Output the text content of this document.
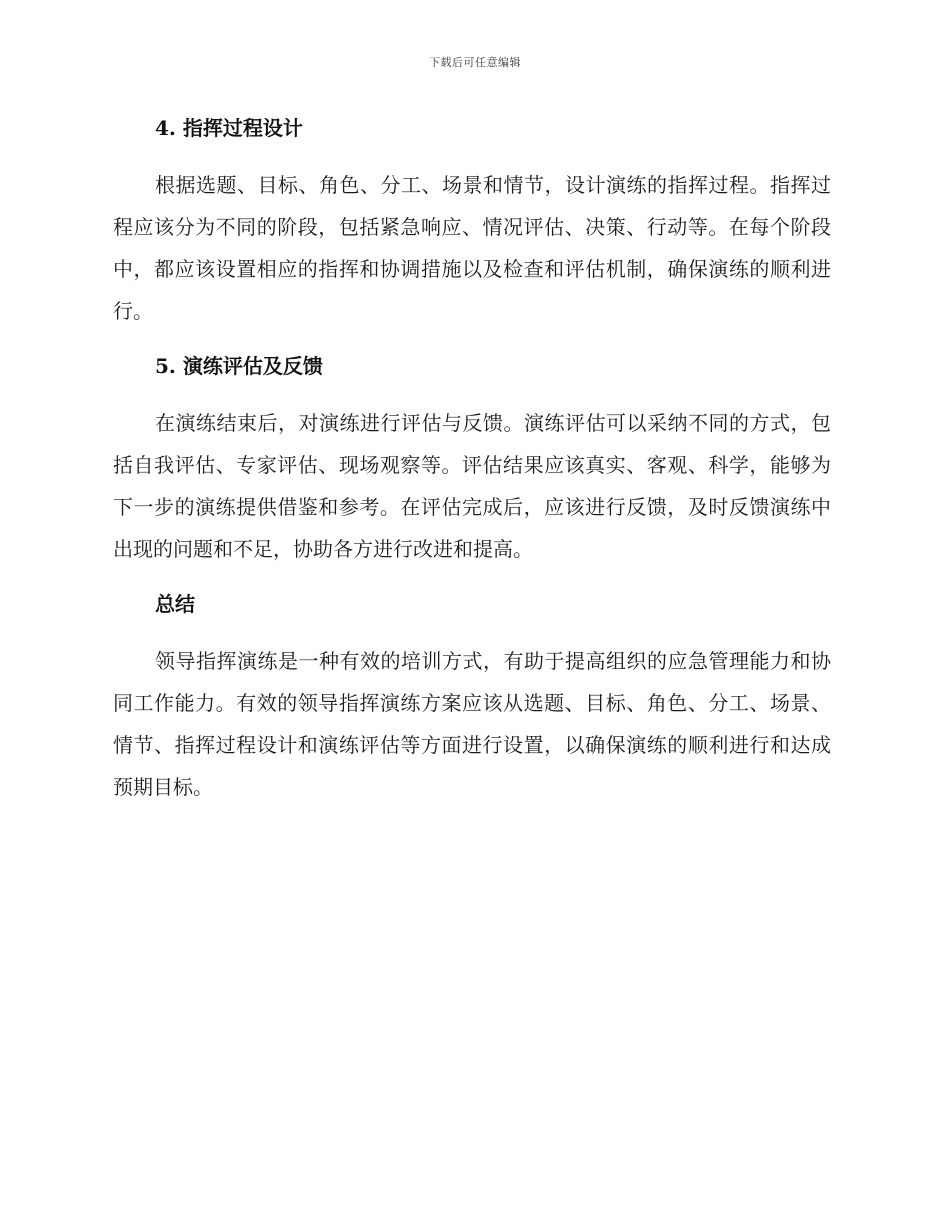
下载后可任意编辑
4. 指挥过程设计

根据选题、目标、角色、分工、场景和情节，设计演练的指挥过程。指挥过程应该分为不同的阶段，包括紧急响应、情况评估、决策、行动等。在每个阶段中，都应该设置相应的指挥和协调措施以及检查和评估机制，确保演练的顺利进行。

5. 演练评估及反馈

在演练结束后，对演练进行评估与反馈。演练评估可以采纳不同的方式，包括自我评估、专家评估、现场观察等。评估结果应该真实、客观、科学，能够为下一步的演练提供借鉴和参考。在评估完成后，应该进行反馈，及时反馈演练中出现的问题和不足，协助各方进行改进和提高。

总结

领导指挥演练是一种有效的培训方式，有助于提高组织的应急管理能力和协同工作能力。有效的领导指挥演练方案应该从选题、目标、角色、分工、场景、情节、指挥过程设计和演练评估等方面进行设置，以确保演练的顺利进行和达成预期目标。
